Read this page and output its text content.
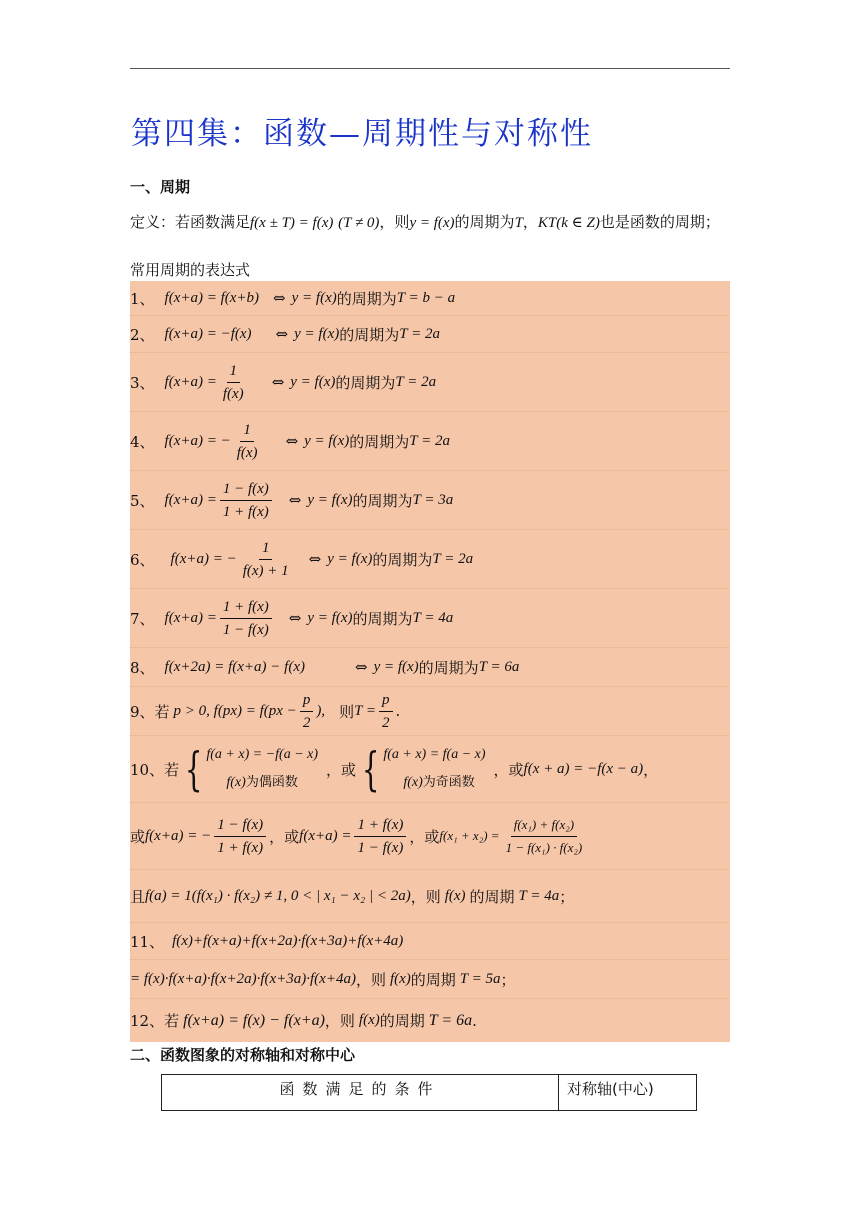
第四集：函数—周期性与对称性
一、周期
定义：若函数满足f(x ± T) = f(x) (T ≠ 0)，则y = f(x)的周期为T，KT(k ∈ Z)也是函数的周期；
常用周期的表达式
1、 f(x+a) = f(x+b) ⇔ y = f(x) 的周期为 T = b − a
2、 f(x+a) = −f(x) ⇔ y = f(x) 的周期为 T = 2a
3、 $f(x+a) = \frac{1}{f(x)}$ ⇔ y = f(x) 的周期为 T = 2a
4、 f(x+a) = − $\frac{1}{f(x)}$ ⇔ y = f(x) 的周期为 T = 2a
5、 $f(x+a) = \frac{1 - f(x)}{1 + f(x)}$ ⇔ y = f(x) 的周期为 T = 3a
6、 f(x+a) = − $\frac{1}{f(x) + 1}$ ⇔ y = f(x) 的周期为 T = 2a
7、 $f(x+a) = \frac{1 + f(x)}{1 - f(x)}$ ⇔ y = f(x) 的周期为 T = 4a
8、 f(x+2a) = f(x+a) − f(x)	⇔ y = f(x) 的周期为 T = 6a
9、若 p > 0, $f(px) = f(px - \frac{p}{2}$ ), 则 $T = \frac{p}{2}$ .
10、若 { f(a + x) = −f(a − x)
f(x)为偶函数
，或 { f(a + x) = f(a − x)
f(x)为奇函数
，或 f(x + a) = −f(x − a) ，
或 f(x+a) = − $\frac{1 - f(x)}{1 + f(x)}$ ，或 $f(x+a) = \frac{1 + f(x)}{1 - f(x)}$ ，或 $f(x_1 + x_2) = \frac{\text{f(x₁) + f(x₂)}}{\text{1 − f(x₁) · f(x₂)}}$
且 f(a) = 1(f(x₁) · f(x₂) ≠ 1, 0 < | x₁ − x₂ | < 2a) ，则 f(x) 的周期 T = 4a ；
11、 f(x)+f(x+a)+f(x+2a)·f(x+3a)+f(x+4a)
= f(x)·f(x+a)·f(x+2a)·f(x+3a)·f(x+4a) ，则 f(x) 的周期 T = 5a ；
12、若 f(x+a) = f(x) − f(x+a) ，则 f(x) 的周期 T = 6a .
二、函数图象的对称轴和对称中心
函数满足的条件	对称轴(中心)
